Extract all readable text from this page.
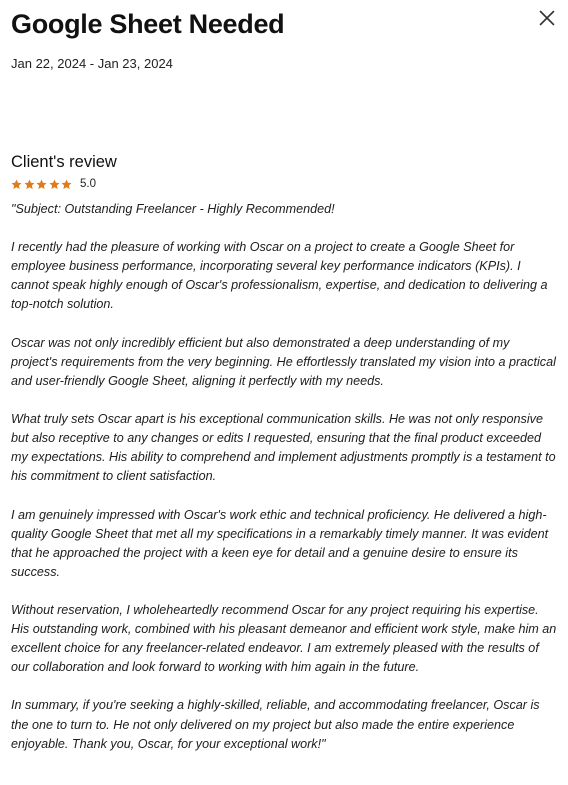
Google Sheet Needed
Jan 22, 2024 - Jan 23, 2024
Client's review
5.0

"Subject: Outstanding Freelancer - Highly Recommended!

I recently had the pleasure of working with Oscar on a project to create a Google Sheet for employee business performance, incorporating several key performance indicators (KPIs). I cannot speak highly enough of Oscar's professionalism, expertise, and dedication to delivering a top-notch solution.

Oscar was not only incredibly efficient but also demonstrated a deep understanding of my project's requirements from the very beginning. He effortlessly translated my vision into a practical and user-friendly Google Sheet, aligning it perfectly with my needs.

What truly sets Oscar apart is his exceptional communication skills. He was not only responsive but also receptive to any changes or edits I requested, ensuring that the final product exceeded my expectations. His ability to comprehend and implement adjustments promptly is a testament to his commitment to client satisfaction.

I am genuinely impressed with Oscar's work ethic and technical proficiency. He delivered a high-quality Google Sheet that met all my specifications in a remarkably timely manner. It was evident that he approached the project with a keen eye for detail and a genuine desire to ensure its success.

Without reservation, I wholeheartedly recommend Oscar for any project requiring his expertise. His outstanding work, combined with his pleasant demeanor and efficient work style, make him an excellent choice for any freelancer-related endeavor. I am extremely pleased with the results of our collaboration and look forward to working with him again in the future.

In summary, if you're seeking a highly-skilled, reliable, and accommodating freelancer, Oscar is the one to turn to. He not only delivered on my project but also made the entire experience enjoyable. Thank you, Oscar, for your exceptional work!"
